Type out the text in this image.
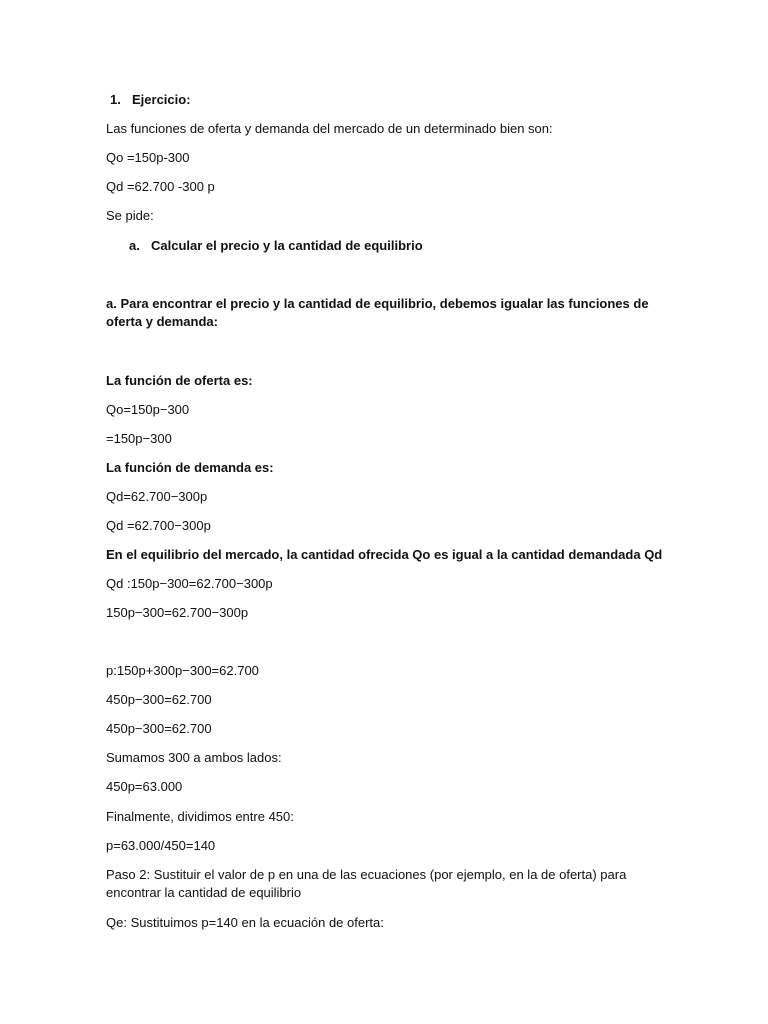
1. Ejercicio:
Las funciones de oferta y demanda del mercado de un determinado bien son:
Qo =150p-300
Qd =62.700 -300 p
Se pide:
a. Calcular el precio y la cantidad de equilibrio
a. Para encontrar el precio y la cantidad de equilibrio, debemos igualar las funciones de oferta y demanda:
La función de oferta es:
Qo=150p−300
=150p−300
La función de demanda es:
Qd=62.700−300p
Qd =62.700−300p
En el equilibrio del mercado, la cantidad ofrecida Qo es igual a la cantidad demandada Qd
Qd :150p−300=62.700−300p
150p−300=62.700−300p
p:150p+300p−300=62.700
450p−300=62.700
450p−300=62.700
Sumamos 300 a ambos lados:
450p=63.000
Finalmente, dividimos entre 450:
p=63.000/450=140
Paso 2: Sustituir el valor de p en una de las ecuaciones (por ejemplo, en la de oferta) para encontrar la cantidad de equilibrio
Qe: Sustituimos p=140 en la ecuación de oferta:
